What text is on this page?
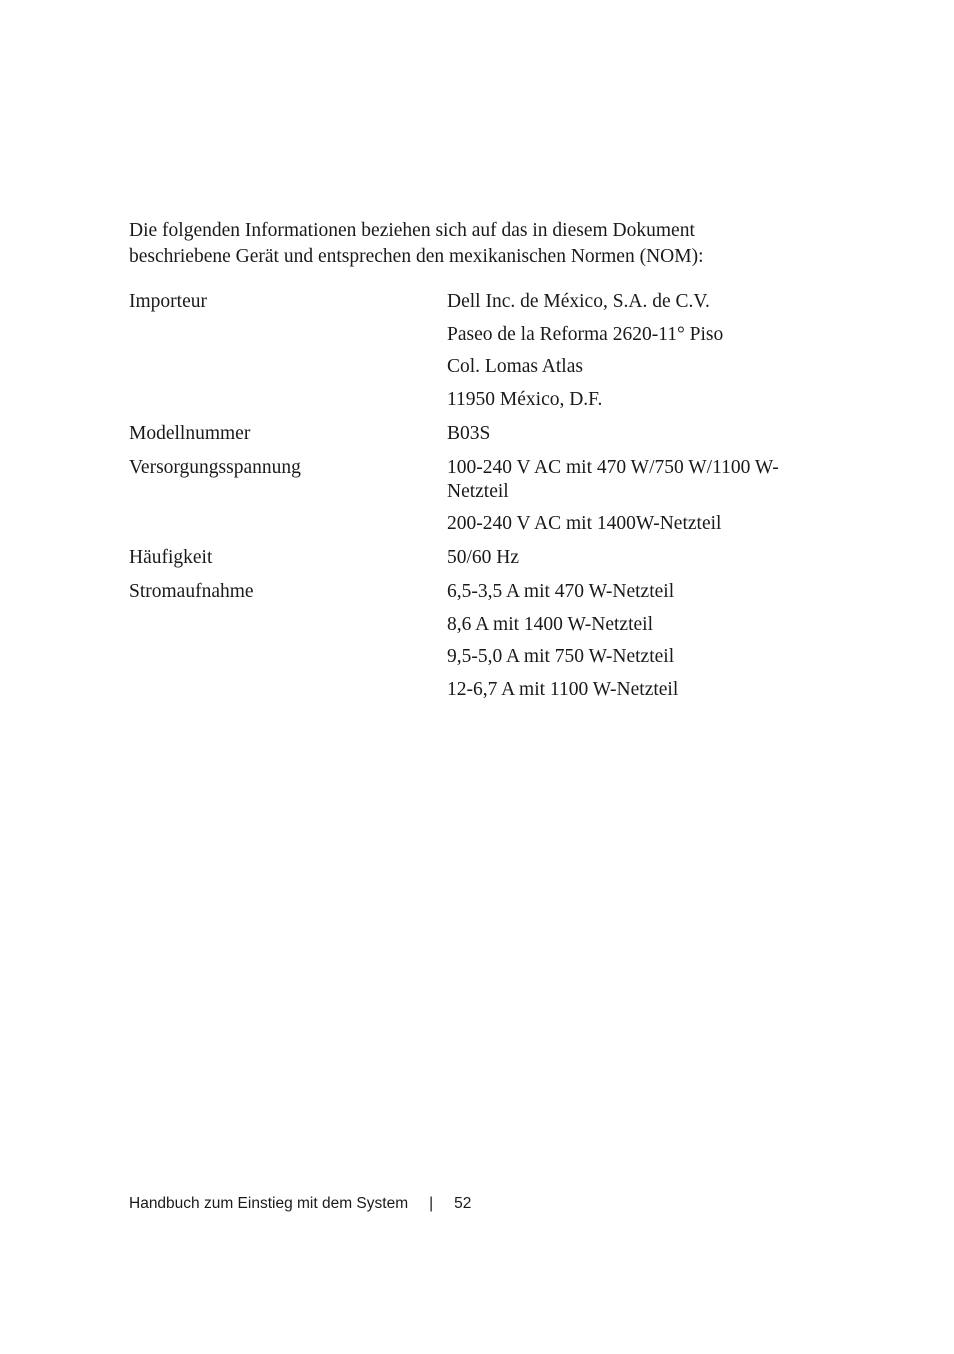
Die folgenden Informationen beziehen sich auf das in diesem Dokument
beschriebene Gerät und entsprechen den mexikanischen Normen (NOM):

Importeur	Dell Inc. de México, S.A. de C.V.
Paseo de la Reforma 2620-11° Piso
Col. Lomas Atlas
11950 México, D.F.
Modellnummer	B03S
Versorgungsspannung	100-240 V AC mit 470 W/750 W/1100 W-Netzteil
200-240 V AC mit 1400W-Netzteil
Häufigkeit	50/60 Hz
Stromaufnahme	6,5-3,5 A mit 470 W-Netzteil
8,6 A mit 1400 W-Netzteil
9,5-5,0 A mit 750 W-Netzteil
12-6,7 A mit 1100 W-Netzteil
Handbuch zum Einstieg mit dem System | 52
